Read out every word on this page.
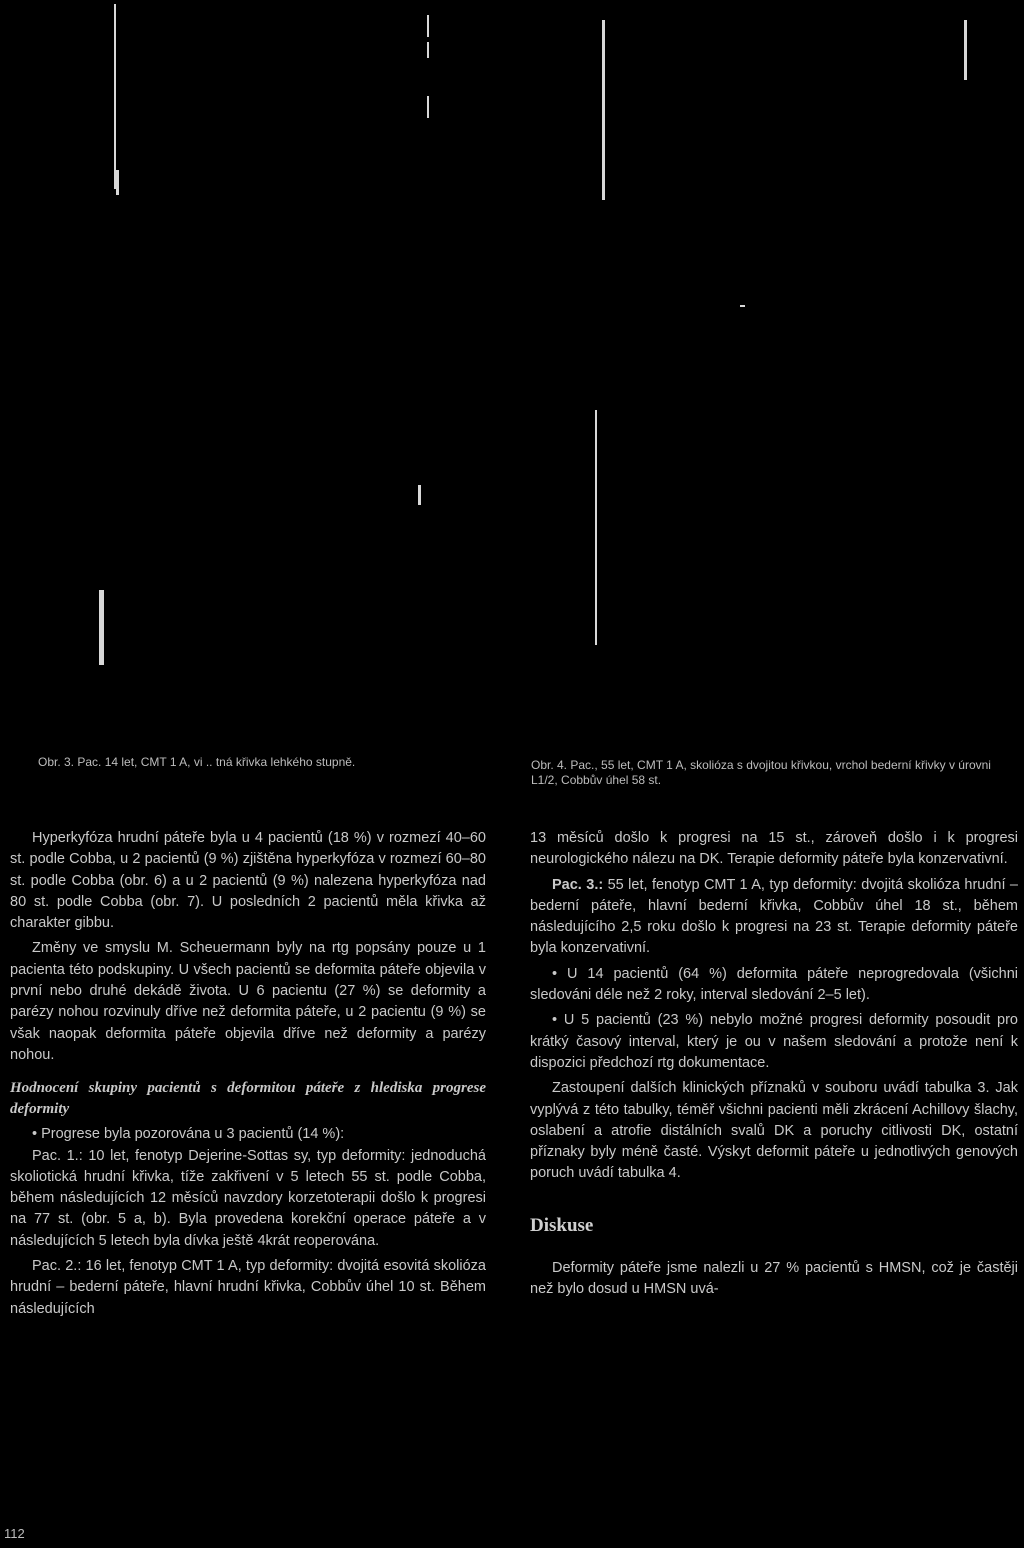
Obr. 3. Pac. 14 let, CMT 1 A, vi .. tná křivka lehkého stupně.	Obr. 4. Pac., 55 let, CMT 1 A, skolióza s dvojitou křivkou, vrchol bederní křivky v úrovni L1/2, Cobbův úhel 58 st.

Hyperkyfóza hrudní páteře byla u 4 pacientů (18 %) v rozmezí 40–60 st. podle Cobba, u 2 pacientů (9 %) zjištěna hyperkyfóza v rozmezí 60–80 st. podle Cobba (obr. 6) a u 2 pacientů (9 %) nalezena hyperkyfóza nad 80 st. podle Cobba (obr. 7). U posledních 2 pacientů měla křivka až charakter gibbu.

Změny ve smyslu M. Scheuermann byly na rtg popsány pouze u 1 pacienta této podskupiny. U všech pacientů se deformita páteře objevila v první nebo druhé dekádě života. U 6 pacientu (27 %) se deformity a parézy nohou rozvinuly dříve než deformita páteře, u 2 pacientu (9 %) se však naopak deformita páteře objevila dříve než deformity a parézy nohou.

Hodnocení skupiny pacientů s deformitou páteře z hlediska progrese deformity

• Progrese byla pozorována u 3 pacientů (14 %):

Pac. 1.: 10 let, fenotyp Dejerine-Sottas sy, typ deformity: jednoduchá skoliotická hrudní křivka, tíže zakřivení v 5 letech 55 st. podle Cobba, během následujících 12 měsíců navzdory korzetoterapii došlo k progresi na 77 st. (obr. 5 a, b). Byla provedena korekční operace páteře a v následujících 5 letech byla dívka ještě 4krát reoperována.

Pac. 2.: 16 let, fenotyp CMT 1 A, typ deformity: dvojitá esovitá skolióza hrudní – bederní páteře, hlavní hrudní křivka, Cobbův úhel 10 st. Během následujících

13 měsíců došlo k progresi na 15 st., zároveň došlo i k progresi neurologického nálezu na DK. Terapie deformity páteře byla konzervativní.

Pac. 3.: 55 let, fenotyp CMT 1 A, typ deformity: dvojitá skolióza hrudní – bederní páteře, hlavní bederní křivka, Cobbův úhel 18 st., během následujícího 2,5 roku došlo k progresi na 23 st. Terapie deformity páteře byla konzervativní.

• U 14 pacientů (64 %) deformita páteře neprogredovala (všichni sledováni déle než 2 roky, interval sledování 2–5 let).

• U 5 pacientů (23 %) nebylo možné progresi deformity posoudit pro krátký časový interval, který je ou v našem sledování a protože není k dispozici předchozí rtg dokumentace.

Zastoupení dalších klinických příznaků v souboru uvádí tabulka 3. Jak vyplývá z této tabulky, téměř všichni pacienti měli zkrácení Achillovy šlachy, oslabení a atrofie distálních svalů DK a poruchy citlivosti DK, ostatní příznaky byly méně časté. Výskyt deformit páteře u jednotlivých genových poruch uvádí tabulka 4.

Diskuse

Deformity páteře jsme nalezli u 27 % pacientů s HMSN, což je častěji než bylo dosud u HMSN uvá-

112
